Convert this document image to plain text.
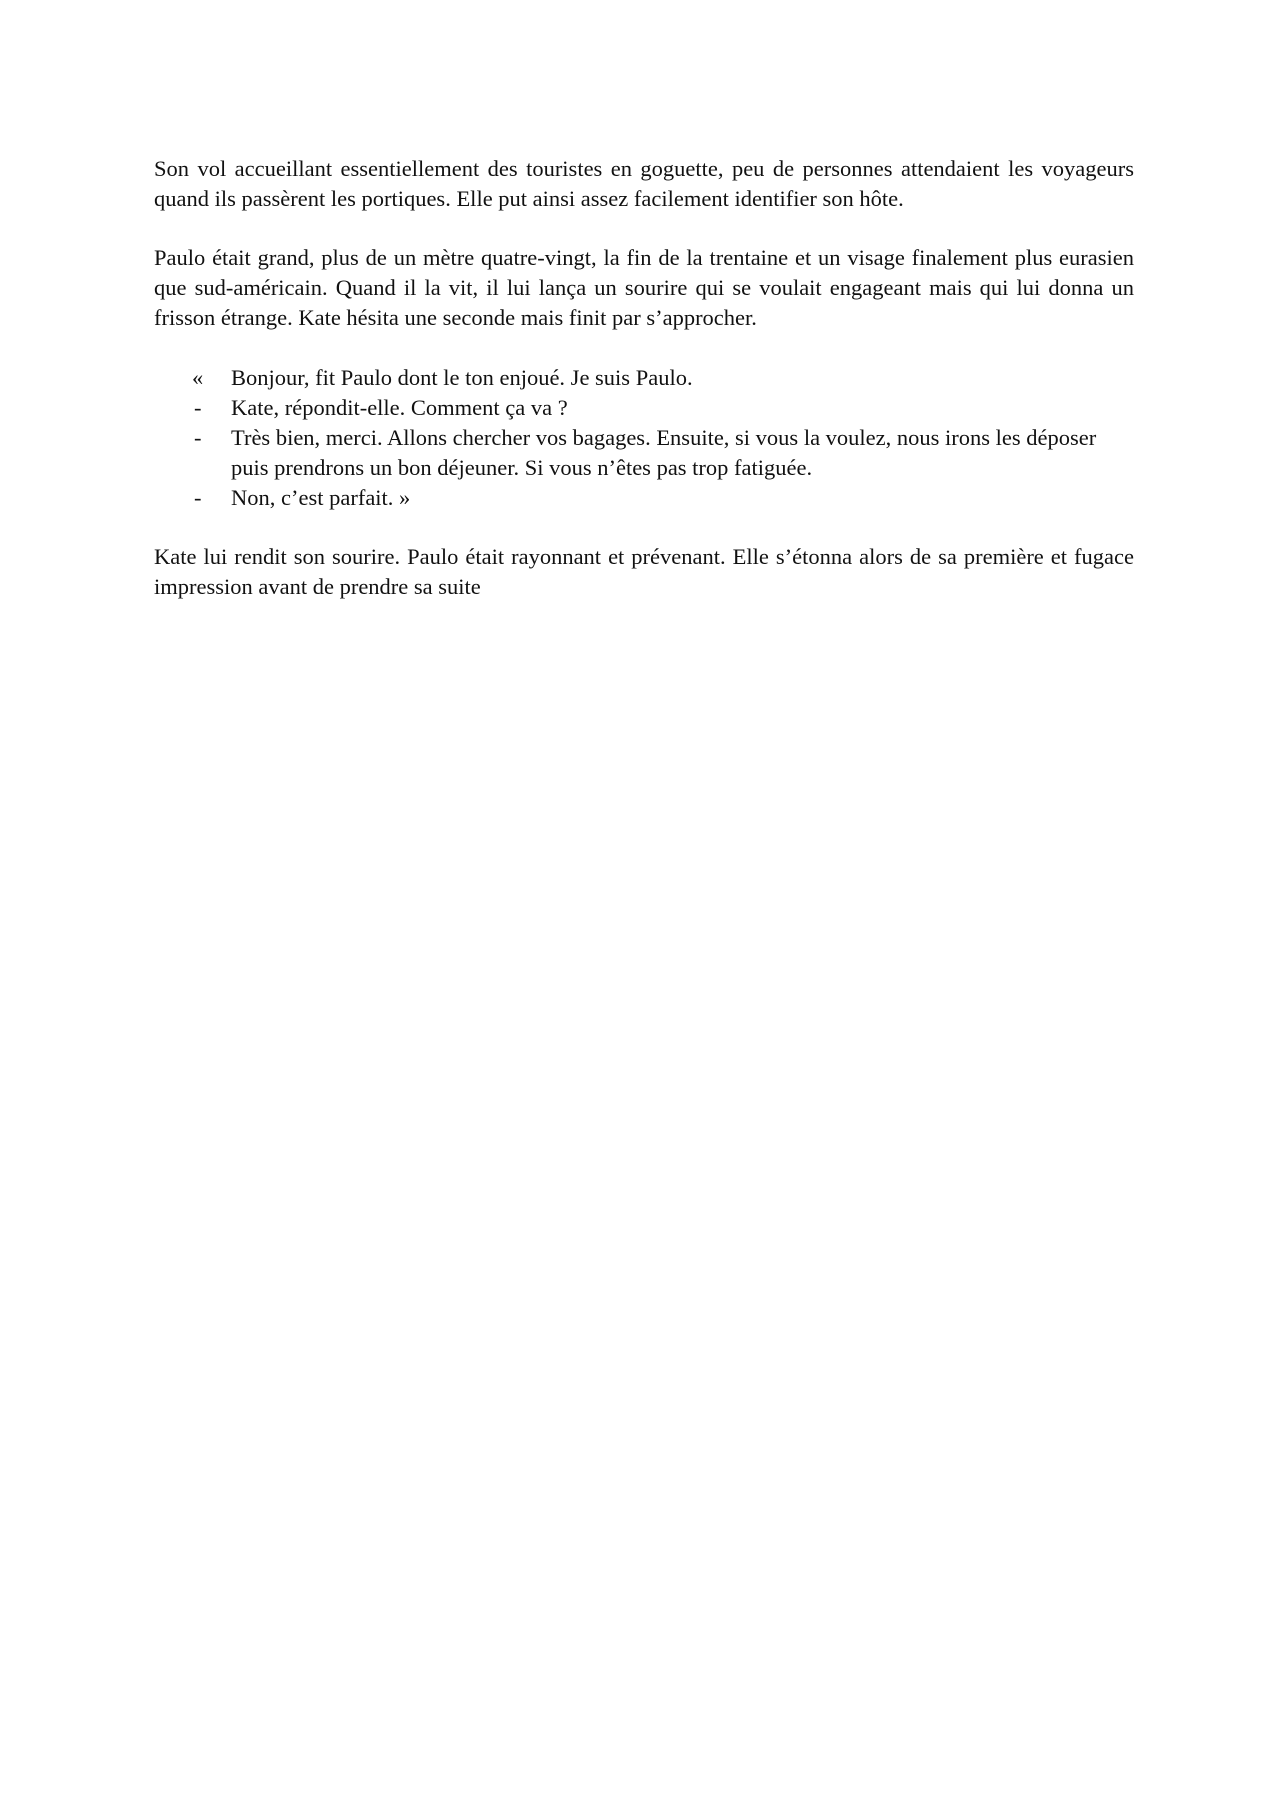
Son vol accueillant essentiellement des touristes en goguette, peu de personnes attendaient les voyageurs quand ils passèrent les portiques. Elle put ainsi assez facilement identifier son hôte.

Paulo était grand, plus de un mètre quatre-vingt, la fin de la trentaine et un visage finalement plus eurasien que sud-américain. Quand il la vit, il lui lança un sourire qui se voulait engageant mais qui lui donna un frisson étrange. Kate hésita une seconde mais finit par s’approcher.

« Bonjour, fit Paulo dont le ton enjoué. Je suis Paulo.
- Kate, répondit-elle. Comment ça va ?
- Très bien, merci. Allons chercher vos bagages. Ensuite, si vous la voulez, nous irons les déposer puis prendrons un bon déjeuner. Si vous n’êtes pas trop fatiguée.
- Non, c’est parfait. »

Kate lui rendit son sourire. Paulo était rayonnant et prévenant. Elle s’étonna alors de sa première et fugace impression avant de prendre sa suite
